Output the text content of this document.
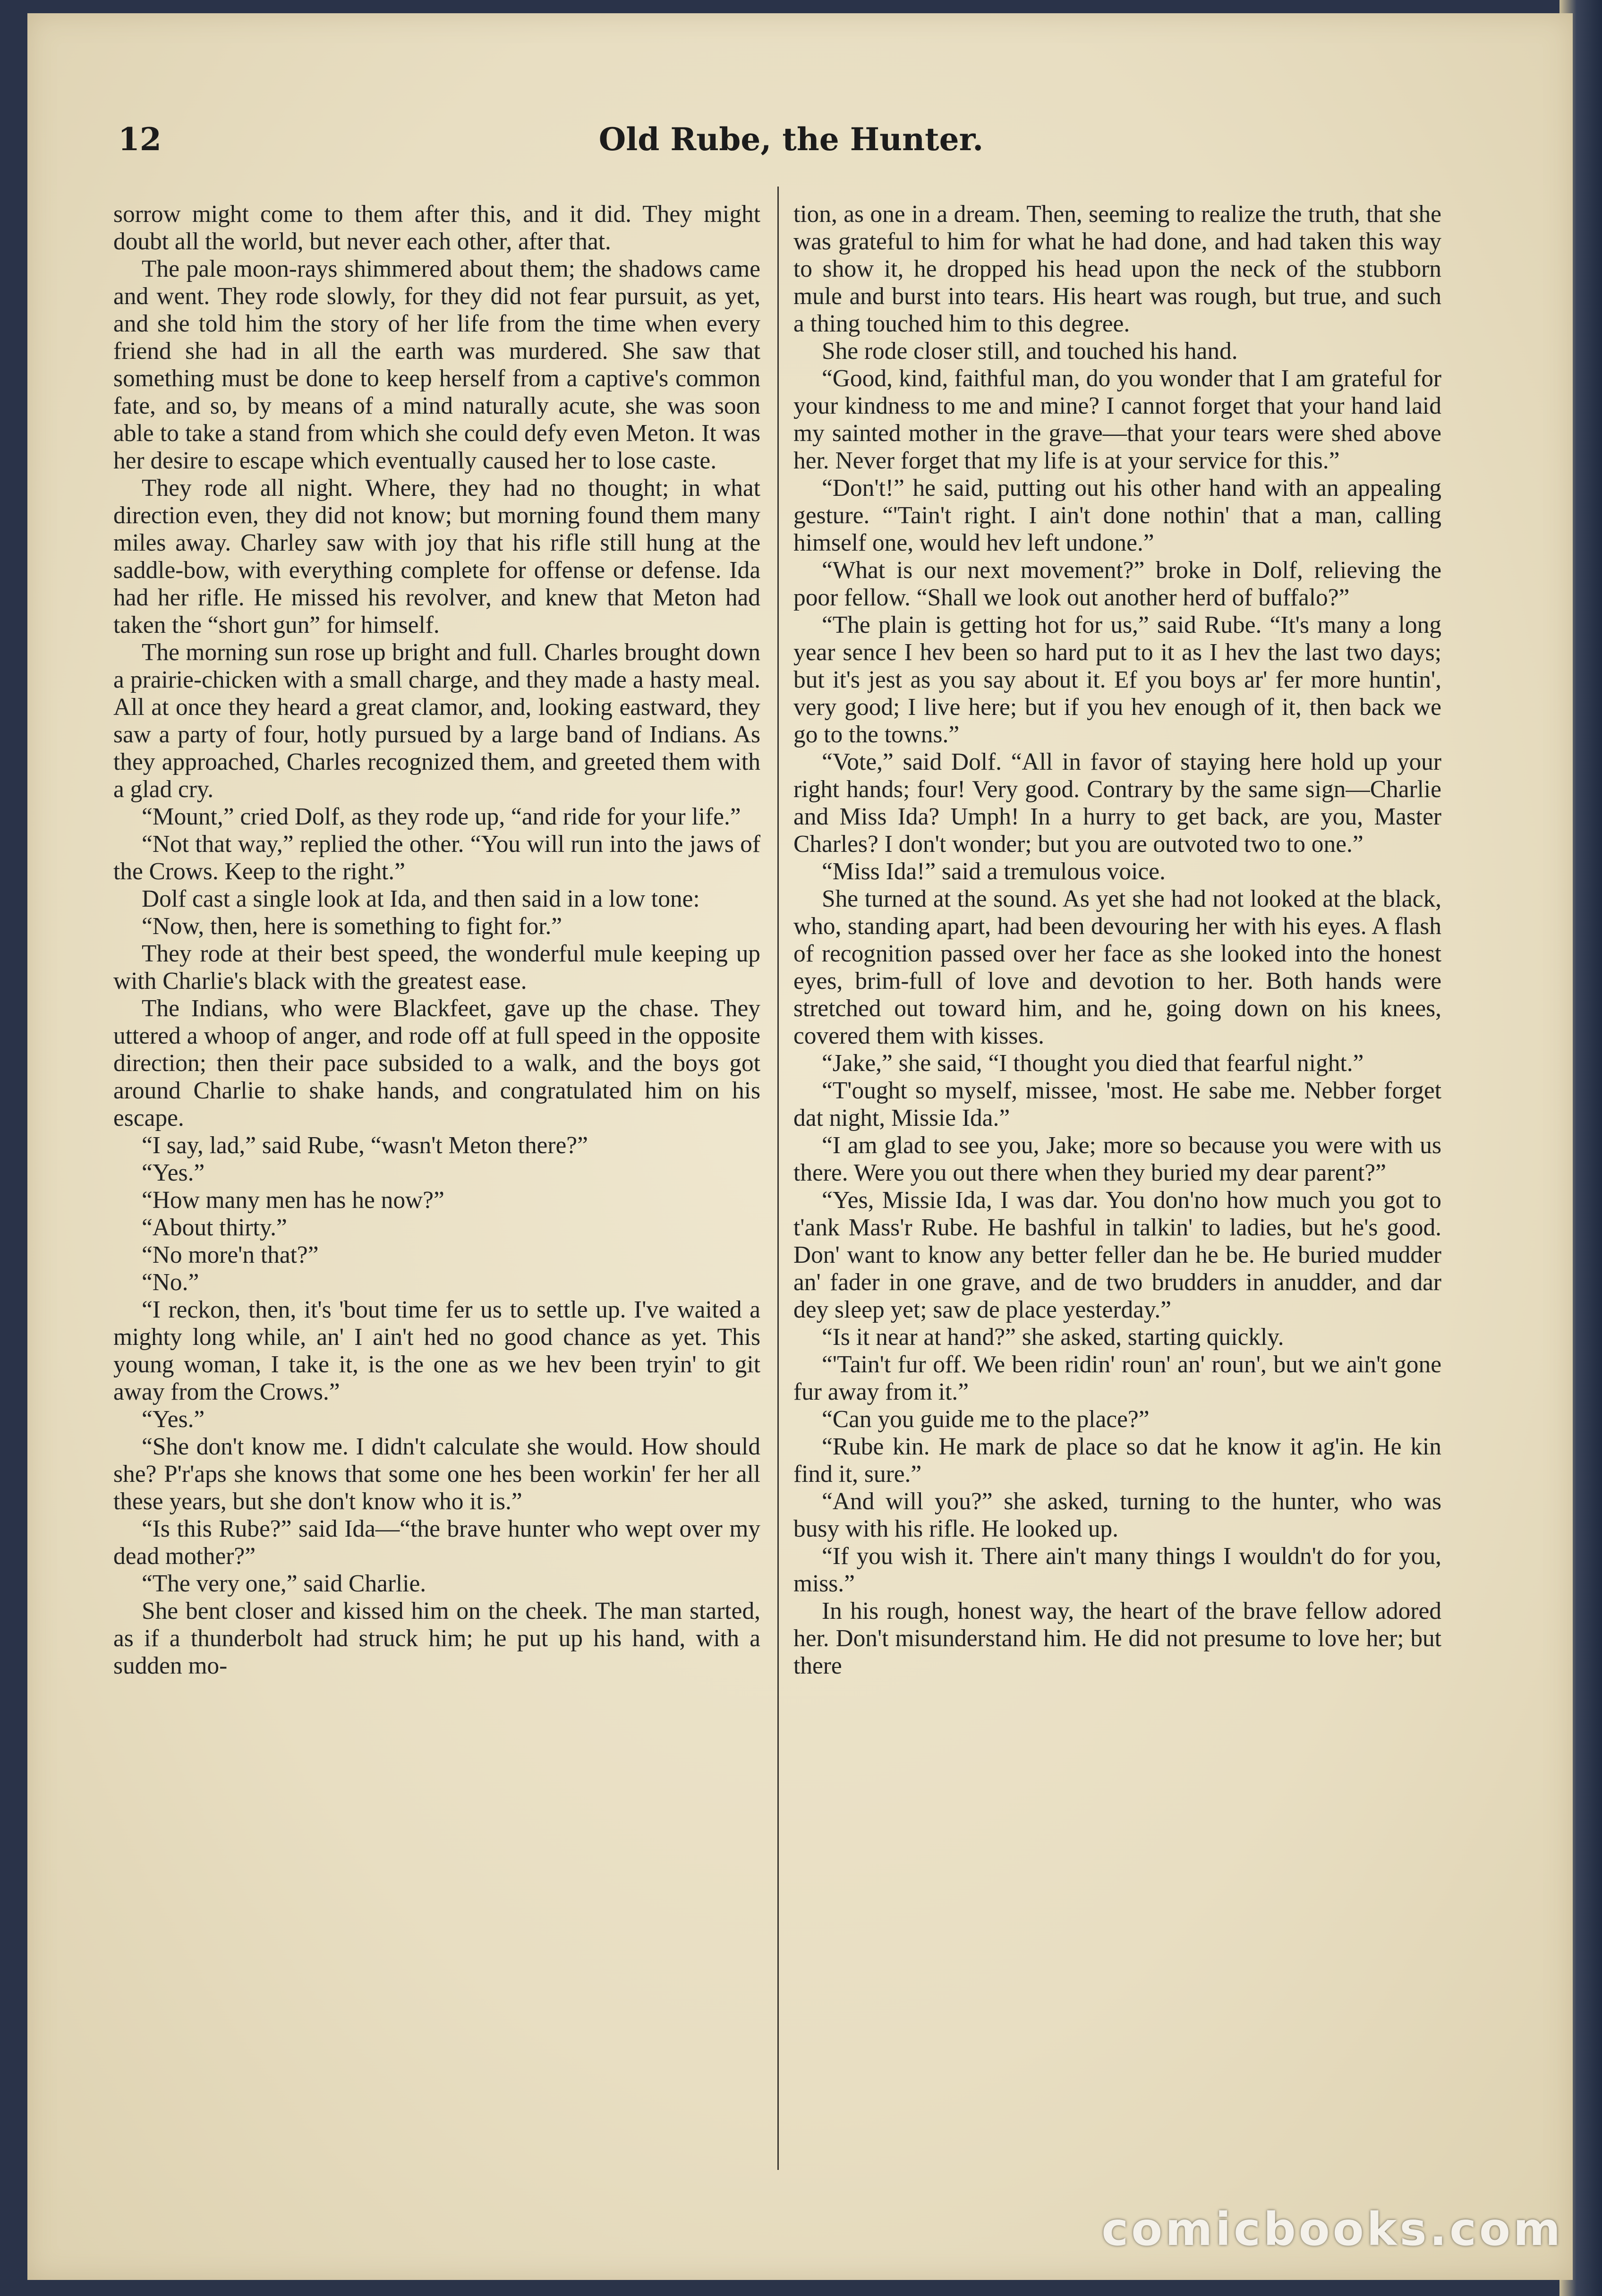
12	Old Rube, the Hunter.

sorrow might come to them after this, and it did. They might doubt all the world, but never each other, after that.

The pale moon-rays shimmered about them; the shadows came and went. They rode slowly, for they did not fear pursuit, as yet, and she told him the story of her life from the time when every friend she had in all the earth was murdered. She saw that something must be done to keep herself from a captive's common fate, and so, by means of a mind naturally acute, she was soon able to take a stand from which she could defy even Meton. It was her desire to escape which eventually caused her to lose caste.

They rode all night. Where, they had no thought; in what direction even, they did not know; but morning found them many miles away. Charley saw with joy that his rifle still hung at the saddle-bow, with everything complete for offense or defense. Ida had her rifle. He missed his revolver, and knew that Meton had taken the “short gun” for himself.

The morning sun rose up bright and full. Charles brought down a prairie-chicken with a small charge, and they made a hasty meal. All at once they heard a great clamor, and, looking eastward, they saw a party of four, hotly pursued by a large band of Indians. As they approached, Charles recognized them, and greeted them with a glad cry.

“Mount,” cried Dolf, as they rode up, “and ride for your life.”

“Not that way,” replied the other. “You will run into the jaws of the Crows. Keep to the right.”

Dolf cast a single look at Ida, and then said in a low tone:

“Now, then, here is something to fight for.”

They rode at their best speed, the wonderful mule keeping up with Charlie's black with the greatest ease.

The Indians, who were Blackfeet, gave up the chase. They uttered a whoop of anger, and rode off at full speed in the opposite direction; then their pace subsided to a walk, and the boys got around Charlie to shake hands, and congratulated him on his escape.

“I say, lad,” said Rube, “wasn't Meton there?”

“Yes.”

“How many men has he now?”

“About thirty.”

“No more'n that?”

“No.”

“I reckon, then, it's 'bout time fer us to settle up. I've waited a mighty long while, an' I ain't hed no good chance as yet. This young woman, I take it, is the one as we hev been tryin' to git away from the Crows.”

“Yes.”

“She don't know me. I didn't calculate she would. How should she? P'r'aps she knows that some one hes been workin' fer her all these years, but she don't know who it is.”

“Is this Rube?” said Ida—“the brave hunter who wept over my dead mother?”

“The very one,” said Charlie.

She bent closer and kissed him on the cheek. The man started, as if a thunderbolt had struck him; he put up his hand, with a sudden mo-

tion, as one in a dream. Then, seeming to realize the truth, that she was grateful to him for what he had done, and had taken this way to show it, he dropped his head upon the neck of the stubborn mule and burst into tears. His heart was rough, but true, and such a thing touched him to this degree.

She rode closer still, and touched his hand.

“Good, kind, faithful man, do you wonder that I am grateful for your kindness to me and mine? I cannot forget that your hand laid my sainted mother in the grave—that your tears were shed above her. Never forget that my life is at your service for this.”

“Don't!” he said, putting out his other hand with an appealing gesture. “'Tain't right. I ain't done nothin' that a man, calling himself one, would hev left undone.”

“What is our next movement?” broke in Dolf, relieving the poor fellow. “Shall we look out another herd of buffalo?”

“The plain is getting hot for us,” said Rube. “It's many a long year sence I hev been so hard put to it as I hev the last two days; but it's jest as you say about it. Ef you boys ar' fer more huntin', very good; I live here; but if you hev enough of it, then back we go to the towns.”

“Vote,” said Dolf. “All in favor of staying here hold up your right hands; four! Very good. Contrary by the same sign—Charlie and Miss Ida? Umph! In a hurry to get back, are you, Master Charles? I don't wonder; but you are outvoted two to one.”

“Miss Ida!” said a tremulous voice.

She turned at the sound. As yet she had not looked at the black, who, standing apart, had been devouring her with his eyes. A flash of recognition passed over her face as she looked into the honest eyes, brim-full of love and devotion to her. Both hands were stretched out toward him, and he, going down on his knees, covered them with kisses.

“Jake,” she said, “I thought you died that fearful night.”

“T'ought so myself, missee, 'most. He sabe me. Nebber forget dat night, Missie Ida.”

“I am glad to see you, Jake; more so because you were with us there. Were you out there when they buried my dear parent?”

“Yes, Missie Ida, I was dar. You don'no how much you got to t'ank Mass'r Rube. He bashful in talkin' to ladies, but he's good. Don' want to know any better feller dan he be. He buried mudder an' fader in one grave, and de two brudders in anudder, and dar dey sleep yet; saw de place yesterday.”

“Is it near at hand?” she asked, starting quickly.

“'Tain't fur off. We been ridin' roun' an' roun', but we ain't gone fur away from it.”

“Can you guide me to the place?”

“Rube kin. He mark de place so dat he know it ag'in. He kin find it, sure.”

“And will you?” she asked, turning to the hunter, who was busy with his rifle. He looked up.

“If you wish it. There ain't many things I wouldn't do for you, miss.”

In his rough, honest way, the heart of the brave fellow adored her. Don't misunderstand him. He did not presume to love her; but there

comicbooks.com
